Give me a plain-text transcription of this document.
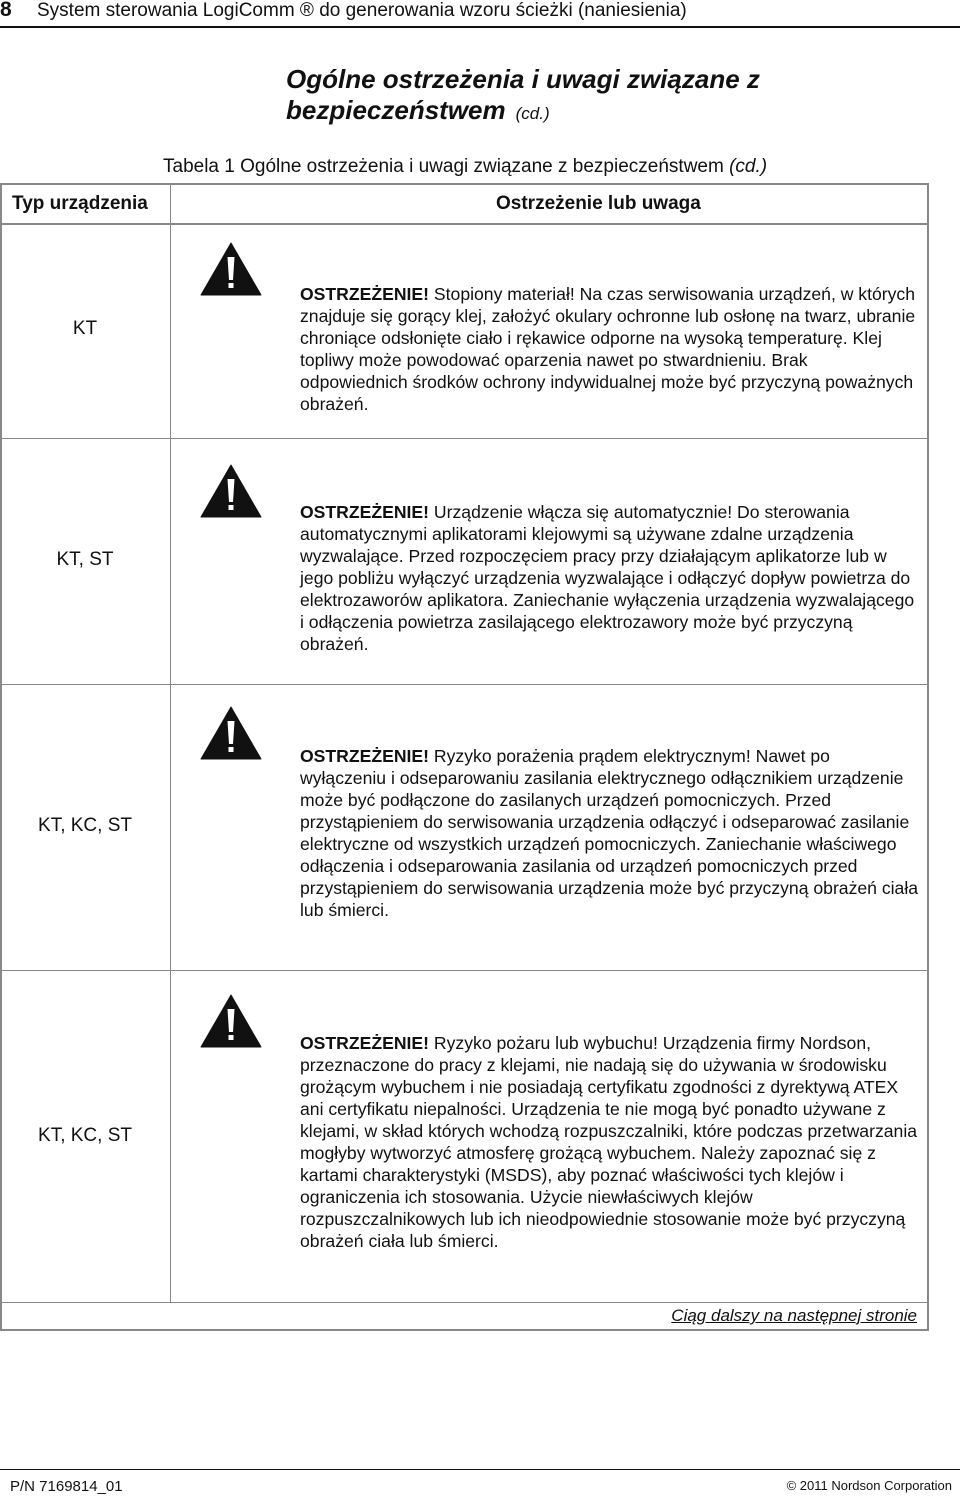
8 System sterowania LogiComm ® do generowania wzoru ścieżki (naniesienia)
Ogólne ostrzeżenia i uwagi związane z bezpieczeństwem (cd.)
Tabela 1 Ogólne ostrzeżenia i uwagi związane z bezpieczeństwem (cd.)
Typ urządzenia	Ostrzeżenie lub uwaga
KT
OSTRZEŻENIE! Stopiony materiał! Na czas serwisowania urządzeń, w których znajduje się gorący klej, założyć okulary ochronne lub osłonę na twarz, ubranie chroniące odsłonięte ciało i rękawice odporne na wysoką temperaturę. Klej topliwy może powodować oparzenia nawet po stwardnieniu. Brak odpowiednich środków ochrony indywidualnej może być przyczyną poważnych obrażeń.
KT, ST
OSTRZEŻENIE! Urządzenie włącza się automatycznie! Do sterowania automatycznymi aplikatorami klejowymi są używane zdalne urządzenia wyzwalające. Przed rozpoczęciem pracy przy działającym aplikatorze lub w jego pobliżu wyłączyć urządzenia wyzwalające i odłączyć dopływ powietrza do elektrozaworów aplikatora. Zaniechanie wyłączenia urządzenia wyzwalającego i odłączenia powietrza zasilającego elektrozawory może być przyczyną obrażeń.
KT, KC, ST
OSTRZEŻENIE! Ryzyko porażenia prądem elektrycznym! Nawet po wyłączeniu i odseparowaniu zasilania elektrycznego odłącznikiem urządzenie może być podłączone do zasilanych urządzeń pomocniczych. Przed przystąpieniem do serwisowania urządzenia odłączyć i odseparować zasilanie elektryczne od wszystkich urządzeń pomocniczych. Zaniechanie właściwego odłączenia i odseparowania zasilania od urządzeń pomocniczych przed przystąpieniem do serwisowania urządzenia może być przyczyną obrażeń ciała lub śmierci.
KT, KC, ST
OSTRZEŻENIE! Ryzyko pożaru lub wybuchu! Urządzenia firmy Nordson, przeznaczone do pracy z klejami, nie nadają się do używania w środowisku grożącym wybuchem i nie posiadają certyfikatu zgodności z dyrektywą ATEX ani certyfikatu niepalności. Urządzenia te nie mogą być ponadto używane z klejami, w skład których wchodzą rozpuszczalniki, które podczas przetwarzania mogłyby wytworzyć atmosferę grożącą wybuchem. Należy zapoznać się z kartami charakterystyki (MSDS), aby poznać właściwości tych klejów i ograniczenia ich stosowania. Użycie niewłaściwych klejów rozpuszczalnikowych lub ich nieodpowiednie stosowanie może być przyczyną obrażeń ciała lub śmierci.
Ciąg dalszy na następnej stronie
P/N 7169814_01	© 2011 Nordson Corporation
